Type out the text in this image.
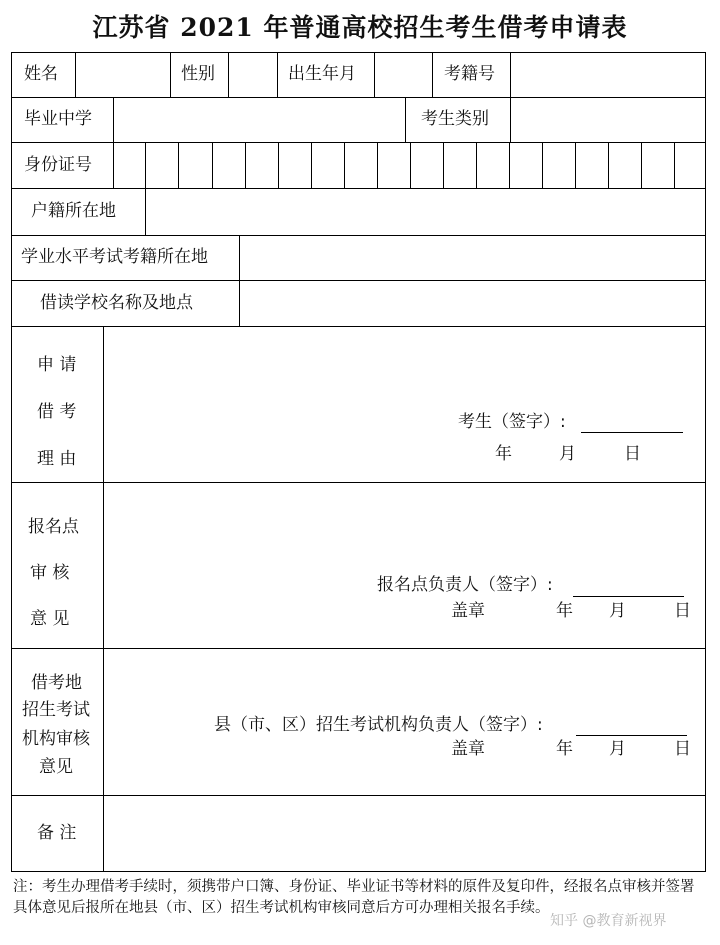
江苏省 2021 年普通高校招生考生借考申请表
姓名	性别	出生年月	考籍号
毕业中学	考生类别
身份证号
户籍所在地
学业水平考试考籍所在地
借读学校名称及地点
申 请
借 考
理 由
考生（签字）:
年	月	日
报名点
审 核
意 见
报名点负责人（签字）:
盖章	年 月	日
借考地
招生考试
机构审核
意见
县（市、区）招生考试机构负责人（签字）:
盖章	年 月	日
备 注
注：考生办理借考手续时，须携带户口簿、身份证、毕业证书等材料的原件及复印件，经报名点审核并签署具体意见后报所在地县（市、区）招生考试机构审核同意后方可办理相关报名手续。
知乎 @教育新视界
